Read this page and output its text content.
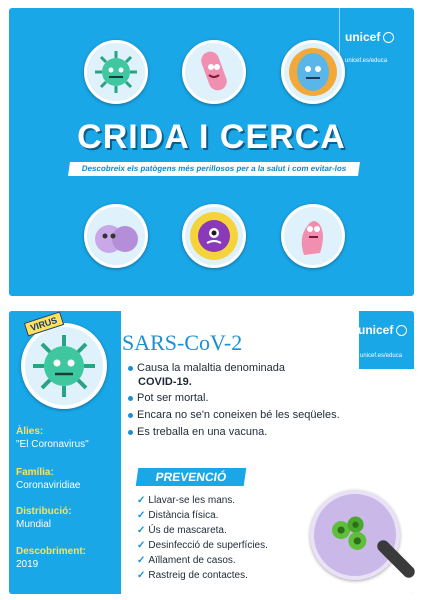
unicef
unicef.es/educa
CRIDA I CERCA
Descobreix els patògens més perillosos per a la salut i com evitar-los
VIRUS	unicef
unicef.es/educa
SARS-CoV-2
Àlies:
"El Coronavirus"
Família:
Coronaviridiae
Distribució:
Mundial
Descobriment:
2019
Causa la malaltia denominada
COVID-19.
Pot ser mortal.
Encara no se'n coneixen bé les seqüeles.
Es treballa en una vacuna.
PREVENCIÓ
✓ Llavar-se les mans.
✓ Distància física.
✓ Ús de mascareta.
✓ Desinfecció de superfícies.
✓ Aïllament de casos.
✓ Rastreig de contactes.
